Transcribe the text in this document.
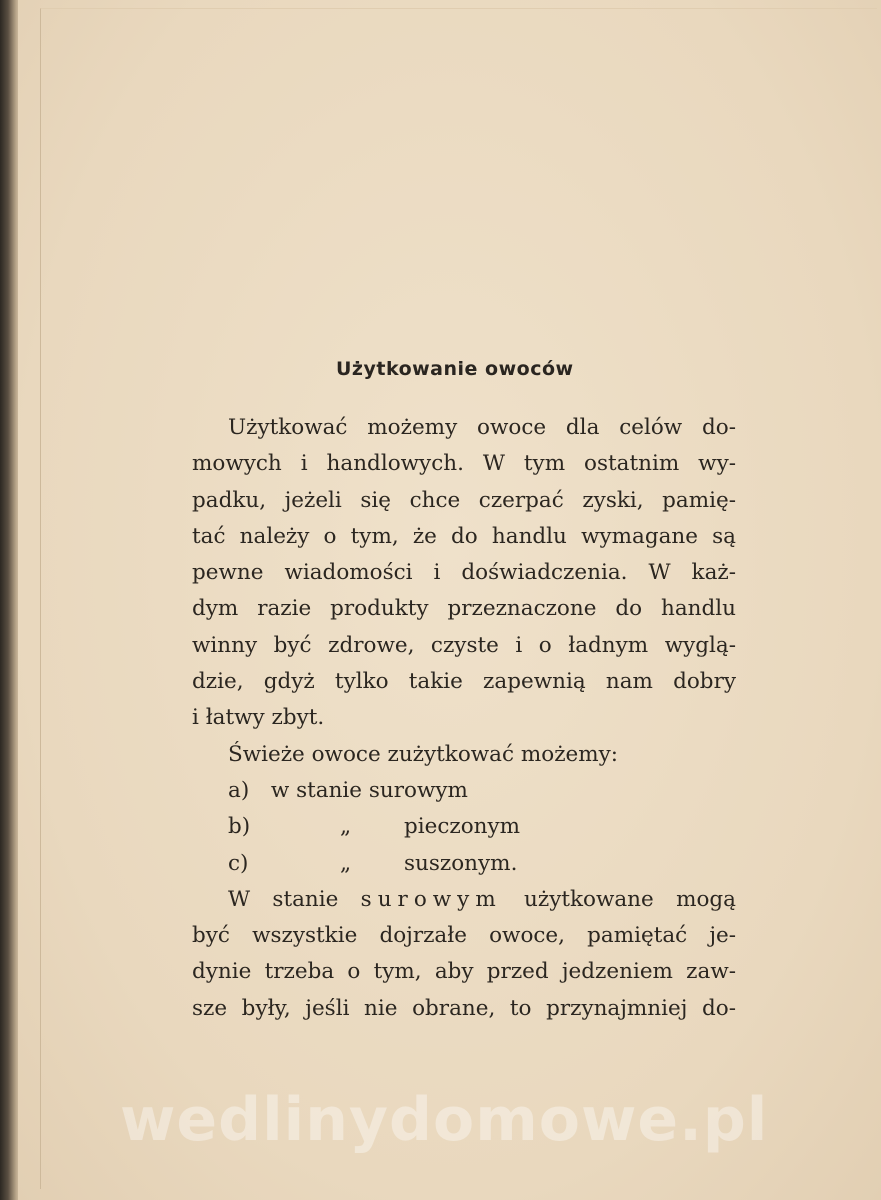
Użytkowanie owoców
Użytkować możemy owoce dla celów do-
mowych i handlowych. W tym ostatnim wy-
padku, jeżeli się chce czerpać zyski, pamię-
tać należy o tym, że do handlu wymagane są
pewne wiadomości i doświadczenia. W każ-
dym razie produkty przeznaczone do handlu
winny być zdrowe, czyste i o ładnym wyglą-
dzie, gdyż tylko takie zapewnią nam dobry
i łatwy zbyt.
Świeże owoce zużytkować możemy:
a) w stanie surowym
b)	„ pieczonym
c)	„ suszonym.
W stanie surowym użytkowane mogą
być wszystkie dojrzałe owoce, pamiętać je-
dynie trzeba o tym, aby przed jedzeniem zaw-
sze były, jeśli nie obrane, to przynajmniej do-
wedlinydomowe.pl
